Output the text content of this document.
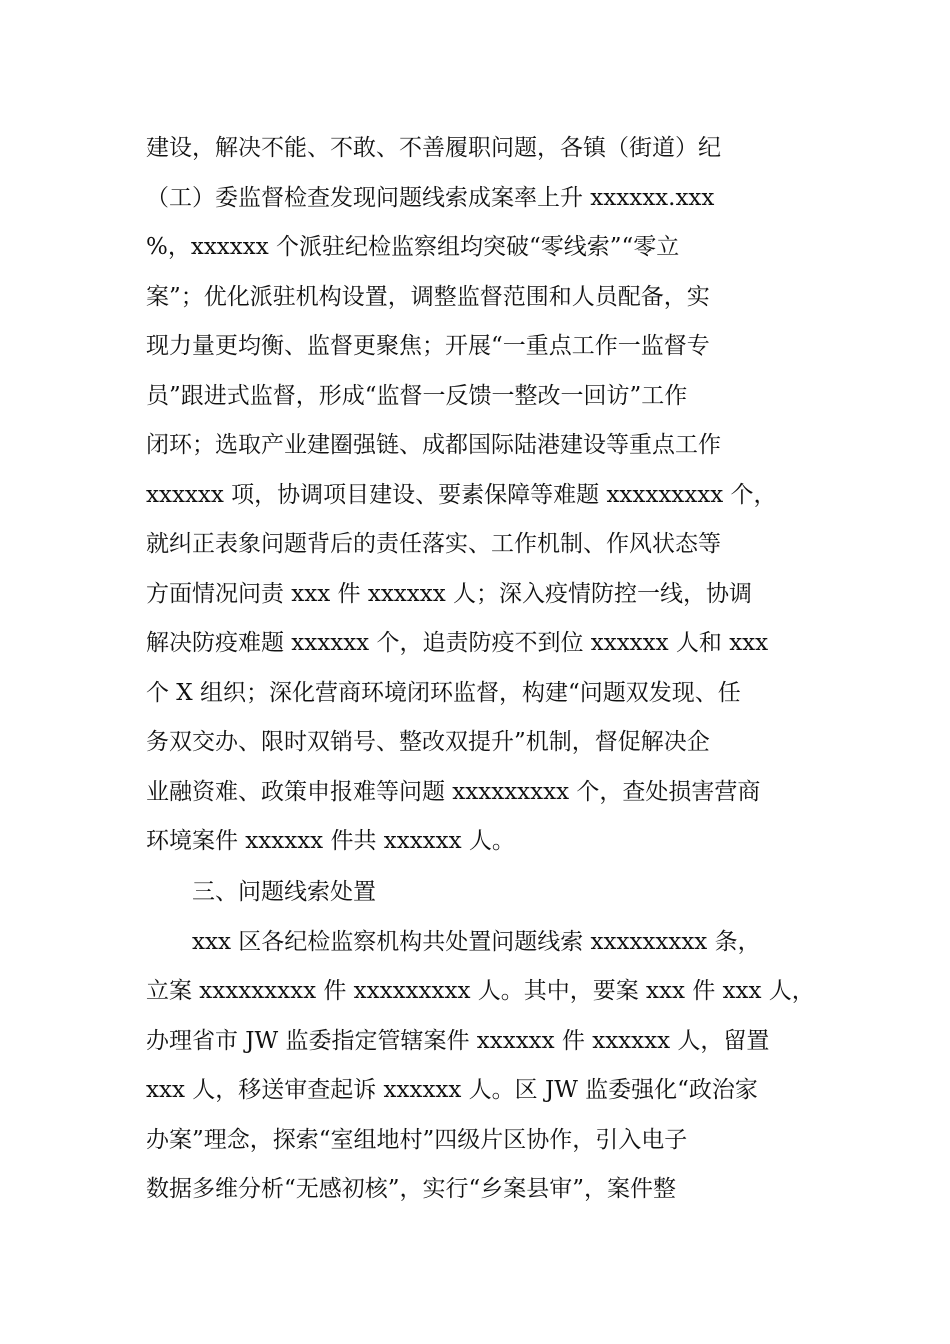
建设，解决不能、不敢、不善履职问题，各镇（街道）纪
（工）委监督检查发现问题线索成案率上升 xxxxxx.xxx
%，xxxxxx 个派驻纪检监察组均突破“零线索”“零立
案”；优化派驻机构设置，调整监督范围和人员配备，实
现力量更均衡、监督更聚焦；开展“一重点工作一监督专
员”跟进式监督，形成“监督一反馈一整改一回访”工作
闭环；选取产业建圈强链、成都国际陆港建设等重点工作
xxxxxx 项，协调项目建设、要素保障等难题 xxxxxxxxx 个，
就纠正表象问题背后的责任落实、工作机制、作风状态等
方面情况问责 xxx 件 xxxxxx 人；深入疫情防控一线，协调
解决防疫难题 xxxxxx 个，追责防疫不到位 xxxxxx 人和 xxx
个 X 组织；深化营商环境闭环监督，构建“问题双发现、任
务双交办、限时双销号、整改双提升”机制，督促解决企
业融资难、政策申报难等问题 xxxxxxxxx 个，查处损害营商
环境案件 xxxxxx 件共 xxxxxx 人。
三、问题线索处置
xxx 区各纪检监察机构共处置问题线索 xxxxxxxxx 条，
立案 xxxxxxxxx 件 xxxxxxxxx 人。其中，要案 xxx 件 xxx 人，
办理省市 JW 监委指定管辖案件 xxxxxx 件 xxxxxx 人，留置
xxx 人，移送审查起诉 xxxxxx 人。区 JW 监委强化“政治家
办案”理念，探索“室组地村”四级片区协作，引入电子
数据多维分析“无感初核”，实行“乡案县审”，案件整
